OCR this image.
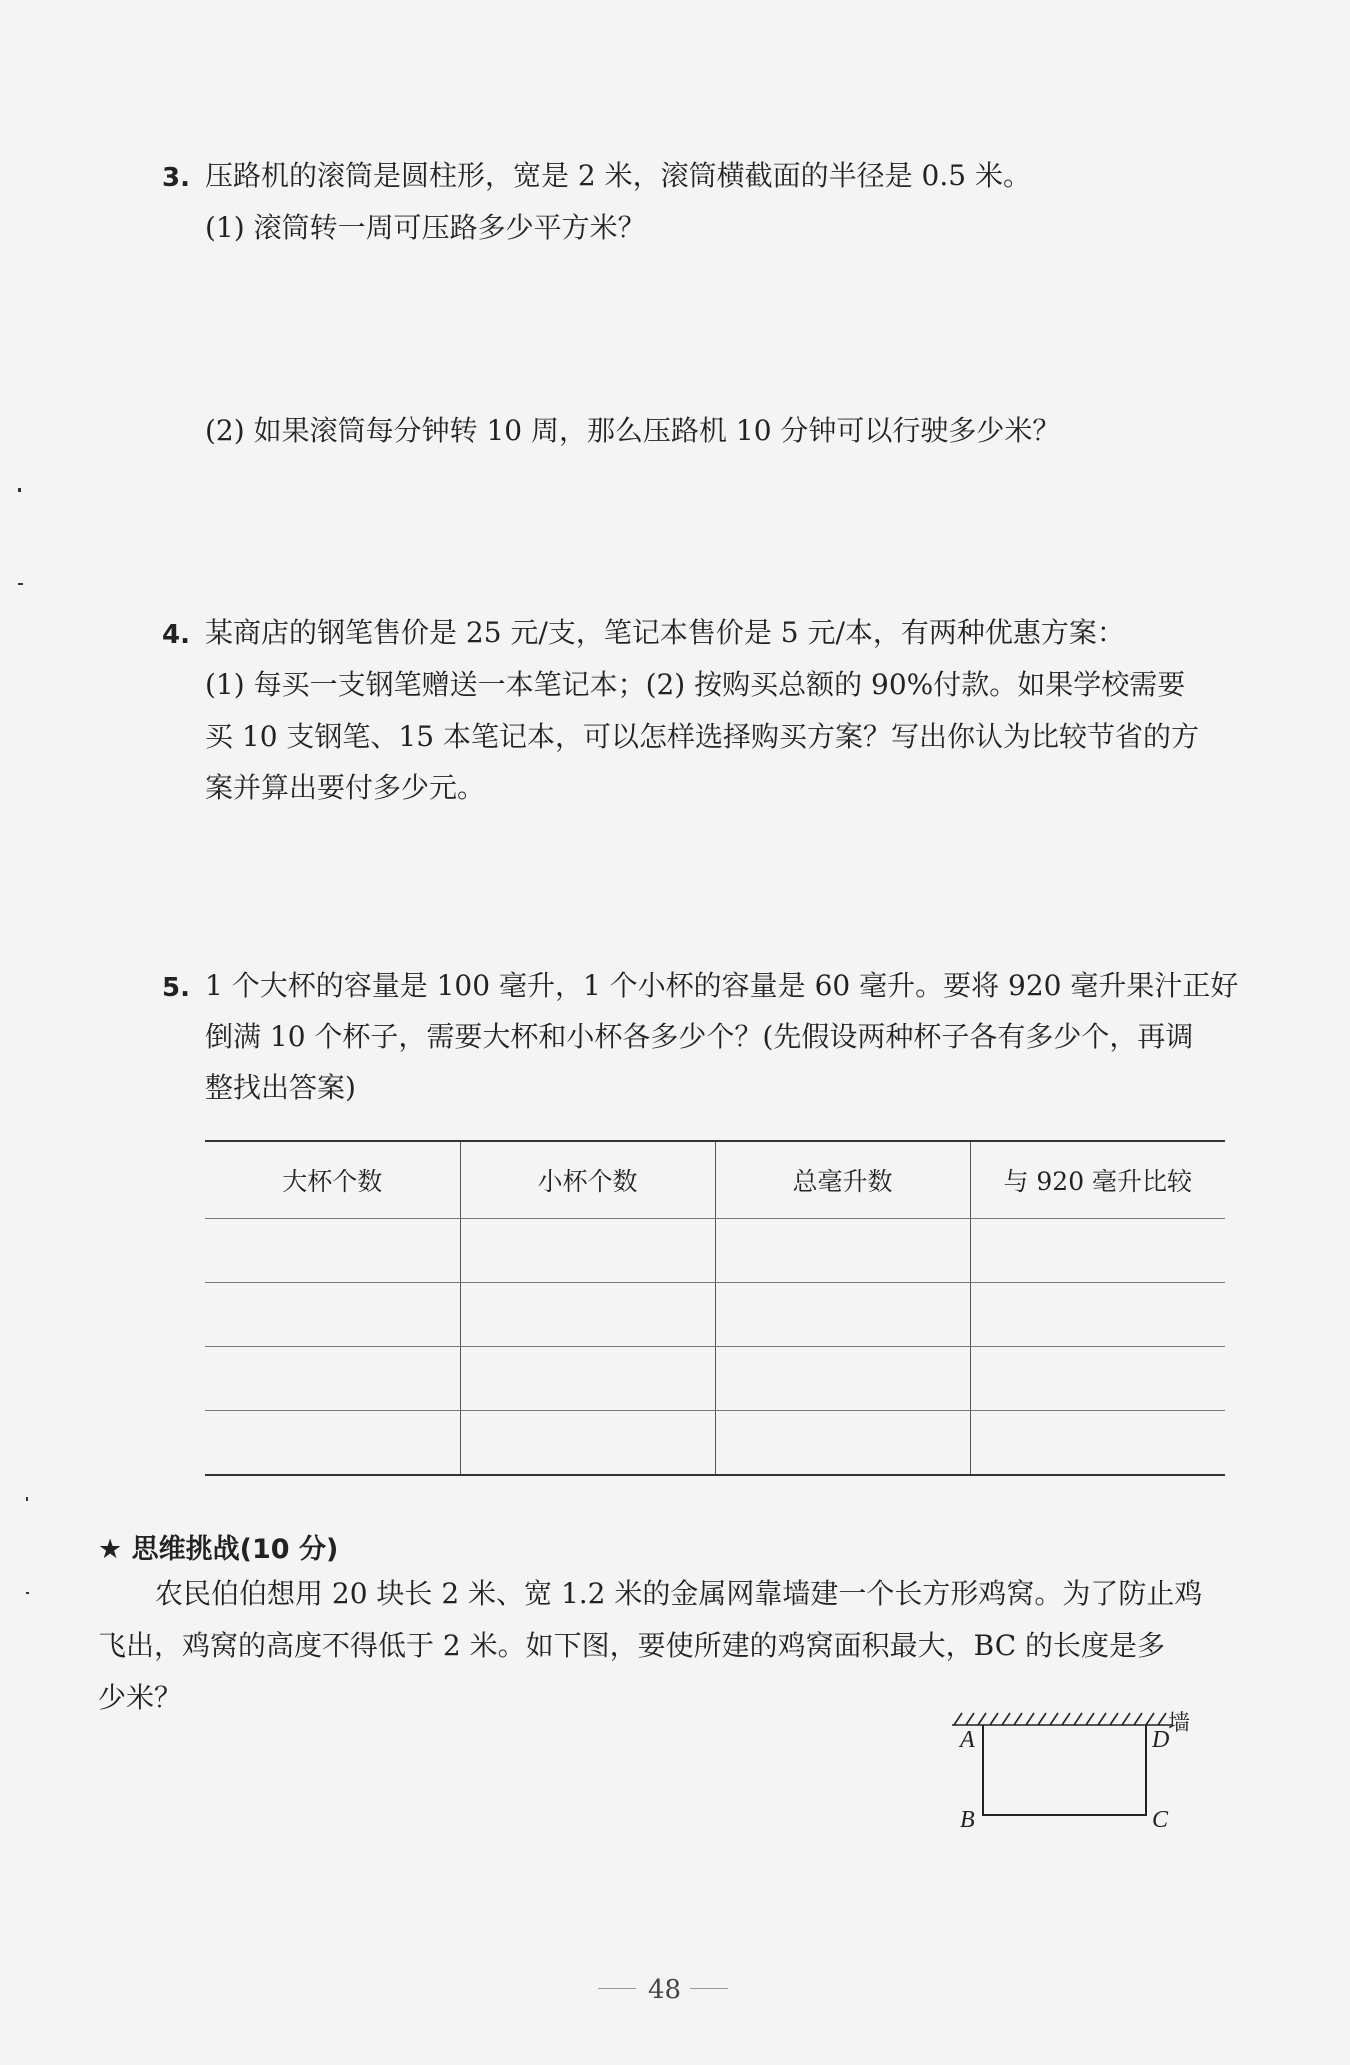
3. 压路机的滚筒是圆柱形，宽是 2 米，滚筒横截面的半径是 0.5 米。
(1) 滚筒转一周可压路多少平方米？
(2) 如果滚筒每分钟转 10 周，那么压路机 10 分钟可以行驶多少米？
4. 某商店的钢笔售价是 25 元/支，笔记本售价是 5 元/本，有两种优惠方案：
(1) 每买一支钢笔赠送一本笔记本；(2) 按购买总额的 90%付款。如果学校需要
买 10 支钢笔、15 本笔记本，可以怎样选择购买方案？写出你认为比较节省的方
案并算出要付多少元。
5. 1 个大杯的容量是 100 毫升，1 个小杯的容量是 60 毫升。要将 920 毫升果汁正好
倒满 10 个杯子，需要大杯和小杯各多少个？(先假设两种杯子各有多少个，再调
整找出答案)
大杯个数	小杯个数	总毫升数	与 920 毫升比较

★ 思维挑战(10 分)
农民伯伯想用 20 块长 2 米、宽 1.2 米的金属网靠墙建一个长方形鸡窝。为了防止鸡
飞出，鸡窝的高度不得低于 2 米。如下图，要使所建的鸡窝面积最大，BC 的长度是多
少米？
墙
A	D
B	C
48
